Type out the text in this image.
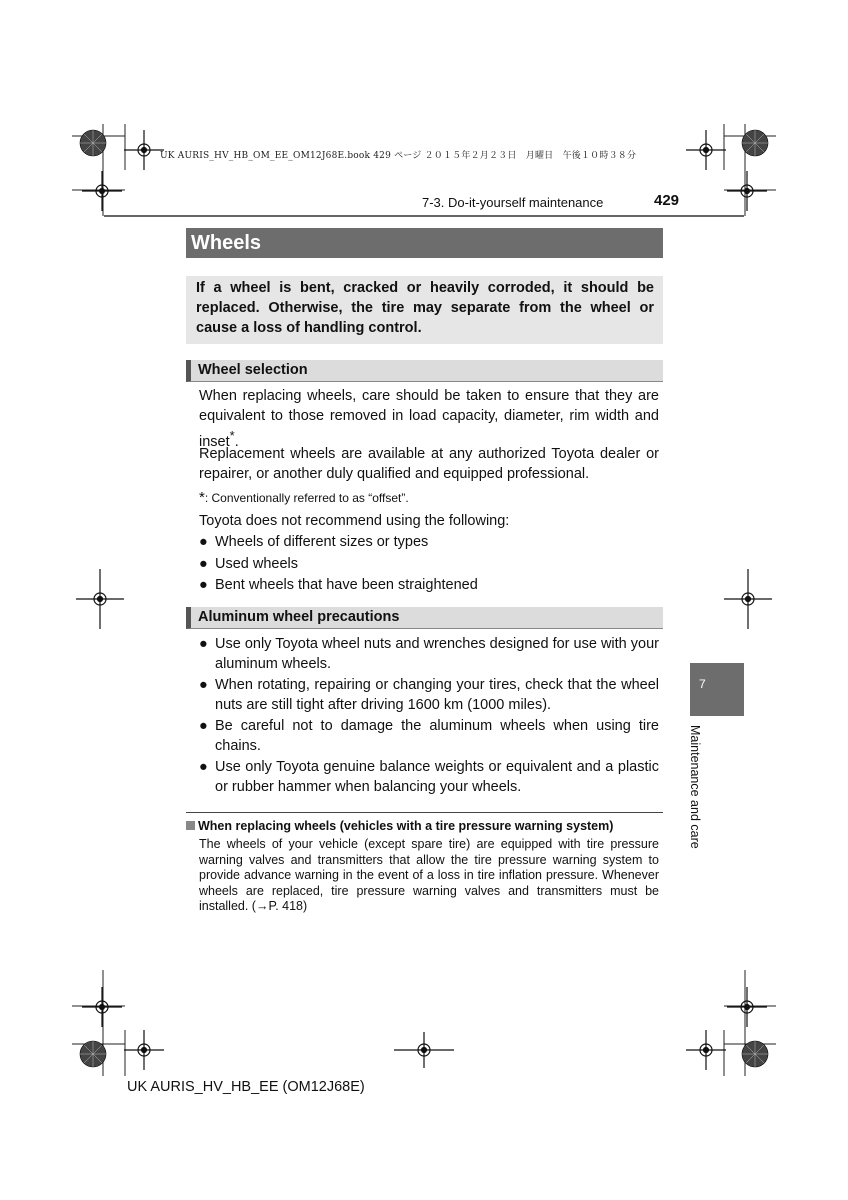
UK AURIS_HV_HB_OM_EE_OM12J68E.book 429 ページ ２０１５年２月２３日　月曜日　午後１０時３８分
7-3. Do-it-yourself maintenance	429
Wheels
If a wheel is bent, cracked or heavily corroded, it should be replaced. Otherwise, the tire may separate from the wheel or cause a loss of handling control.
Wheel selection
When replacing wheels, care should be taken to ensure that they are equivalent to those removed in load capacity, diameter, rim width and inset*.
Replacement wheels are available at any authorized Toyota dealer or repairer, or another duly qualified and equipped professional.
*: Conventionally referred to as “offset”.
Toyota does not recommend using the following:
● Wheels of different sizes or types
● Used wheels
● Bent wheels that have been straightened
Aluminum wheel precautions
● Use only Toyota wheel nuts and wrenches designed for use with your aluminum wheels.
● When rotating, repairing or changing your tires, check that the wheel nuts are still tight after driving 1600 km (1000 miles).
● Be careful not to damage the aluminum wheels when using tire chains.
● Use only Toyota genuine balance weights or equivalent and a plastic or rubber hammer when balancing your wheels.
When replacing wheels (vehicles with a tire pressure warning system)
The wheels of your vehicle (except spare tire) are equipped with tire pressure warning valves and transmitters that allow the tire pressure warning system to provide advance warning in the event of a loss in tire inflation pressure. Whenever wheels are replaced, tire pressure warning valves and transmitters must be installed. (→P. 418)
7
Maintenance and care
UK AURIS_HV_HB_EE (OM12J68E)
